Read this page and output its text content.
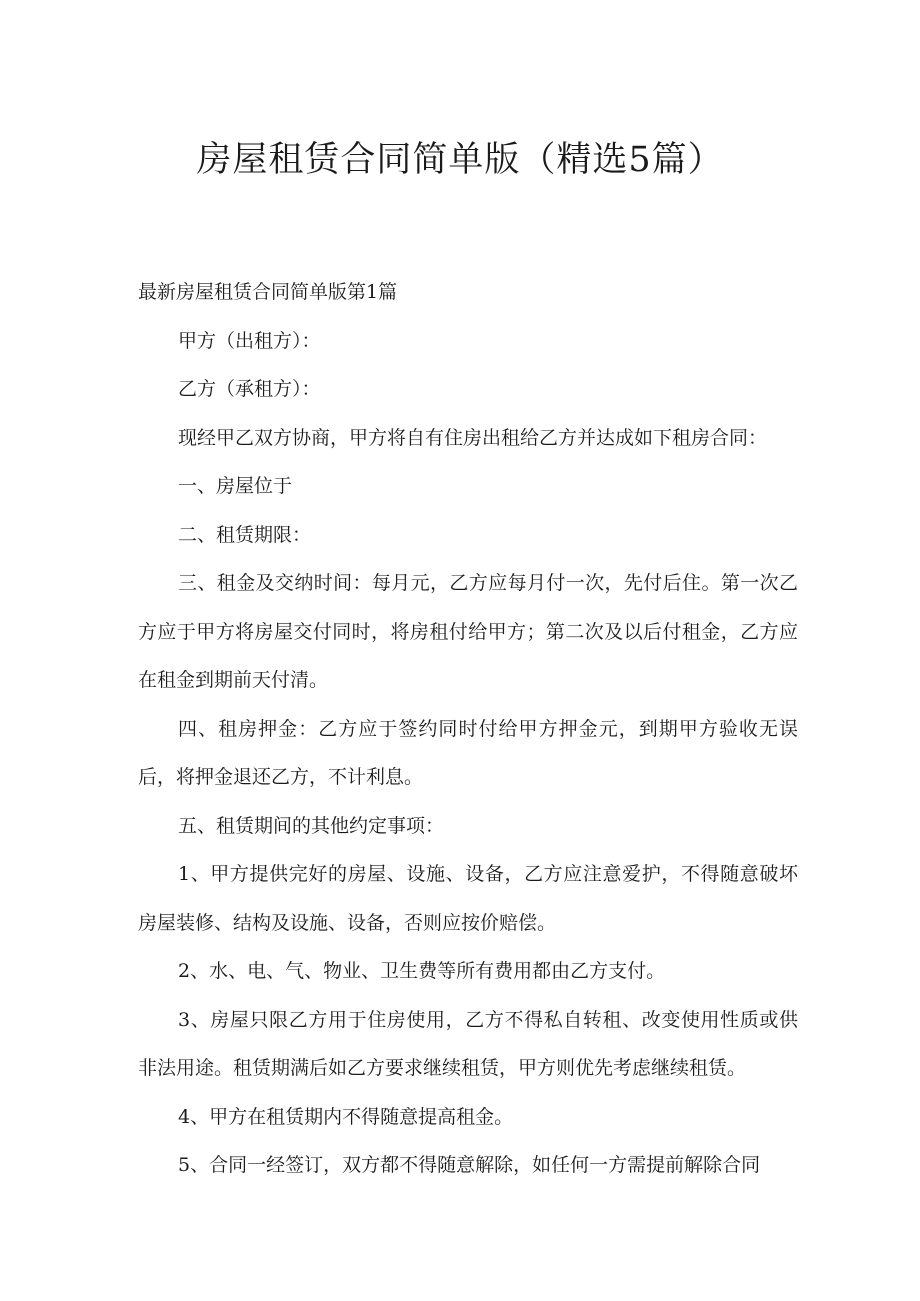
房屋租赁合同简单版（精选5篇）

最新房屋租赁合同简单版第1篇

甲方（出租方）：

乙方（承租方）：

现经甲乙双方协商，甲方将自有住房出租给乙方并达成如下租房合同：

一、房屋位于

二、租赁期限：

三、租金及交纳时间：每月元，乙方应每月付一次，先付后住。第一次乙方应于甲方将房屋交付同时，将房租付给甲方；第二次及以后付租金，乙方应在租金到期前天付清。

四、租房押金：乙方应于签约同时付给甲方押金元，到期甲方验收无误后，将押金退还乙方，不计利息。

五、租赁期间的其他约定事项：

1、甲方提供完好的房屋、设施、设备，乙方应注意爱护，不得随意破坏房屋装修、结构及设施、设备，否则应按价赔偿。

2、水、电、气、物业、卫生费等所有费用都由乙方支付。

3、房屋只限乙方用于住房使用，乙方不得私自转租、改变使用性质或供非法用途。租赁期满后如乙方要求继续租赁，甲方则优先考虑继续租赁。

4、甲方在租赁期内不得随意提高租金。

5、合同一经签订，双方都不得随意解除，如任何一方需提前解除合同
